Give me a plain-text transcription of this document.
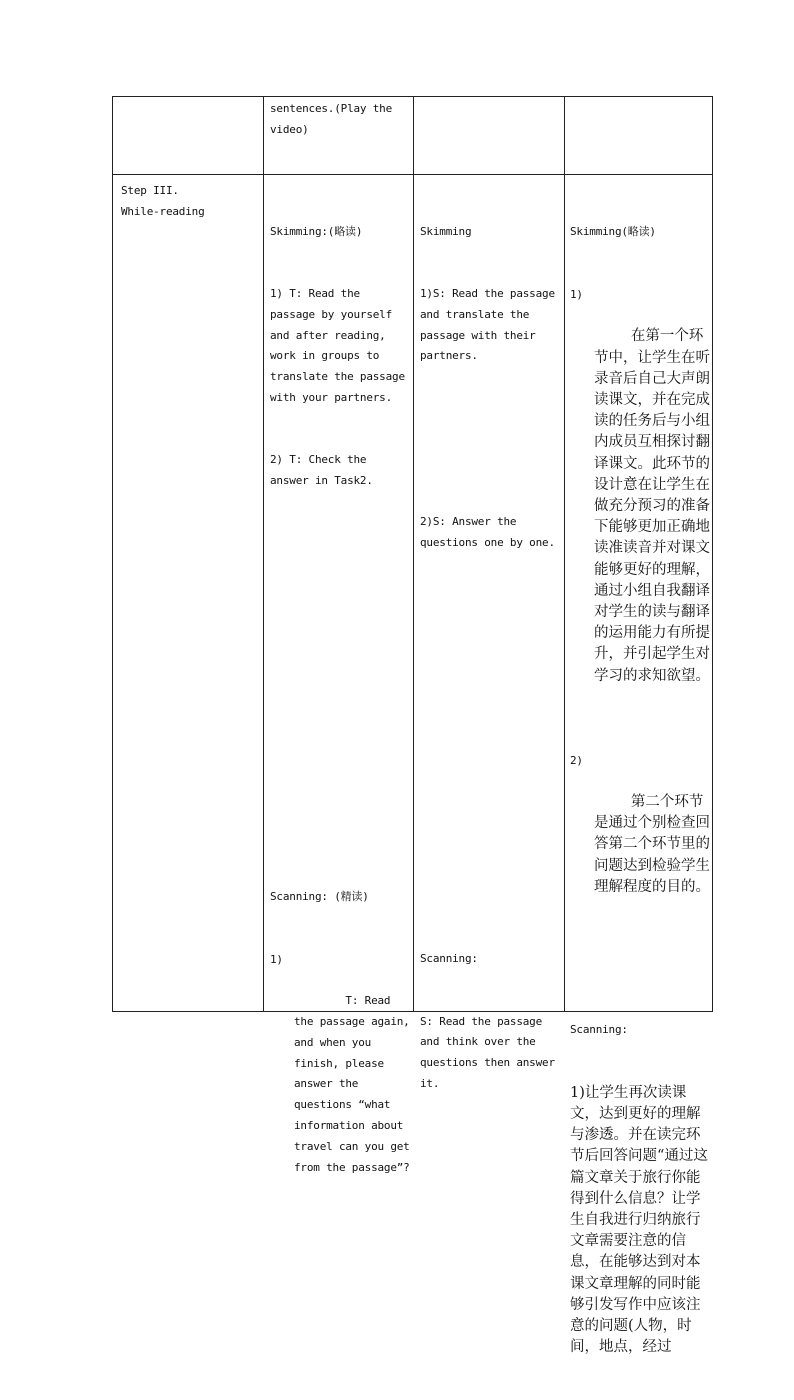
sentences.(Play the video)
Step III.
While-reading

Skimming:(略读)

1) T: Read the passage by yourself and after reading, work in groups to translate the passage with your partners.

2) T: Check the answer in Task2.

Scanning: (精读)

1)

T: Read the passage again, and when you finish, please answer the questions “what information about travel can you get from the passage”?

Skimming

1)S: Read the passage and translate the passage with their partners.

2)S: Answer the questions one by one.

Scanning:

S: Read the passage and think over the questions then answer it.

Skimming(略读)

1)

在第一个环节中，让学生在听录音后自己大声朗读课文，并在完成读的任务后与小组内成员互相探讨翻译课文。此环节的设计意在让学生在做充分预习的准备下能够更加正确地读准读音并对课文能够更好的理解，通过小组自我翻译对学生的读与翻译的运用能力有所提升，并引起学生对学习的求知欲望。

2)

第二个环节是通过个别检查回答第二个环节里的问题达到检验学生理解程度的目的。

Scanning:

1)让学生再次读课文，达到更好的理解与渗透。并在读完环节后回答问题“通过这篇文章关于旅行你能得到什么信息？让学生自我进行归纳旅行文章需要注意的信息，在能够达到对本课文章理解的同时能够引发写作中应该注意的问题(人物，时间，地点，经过
